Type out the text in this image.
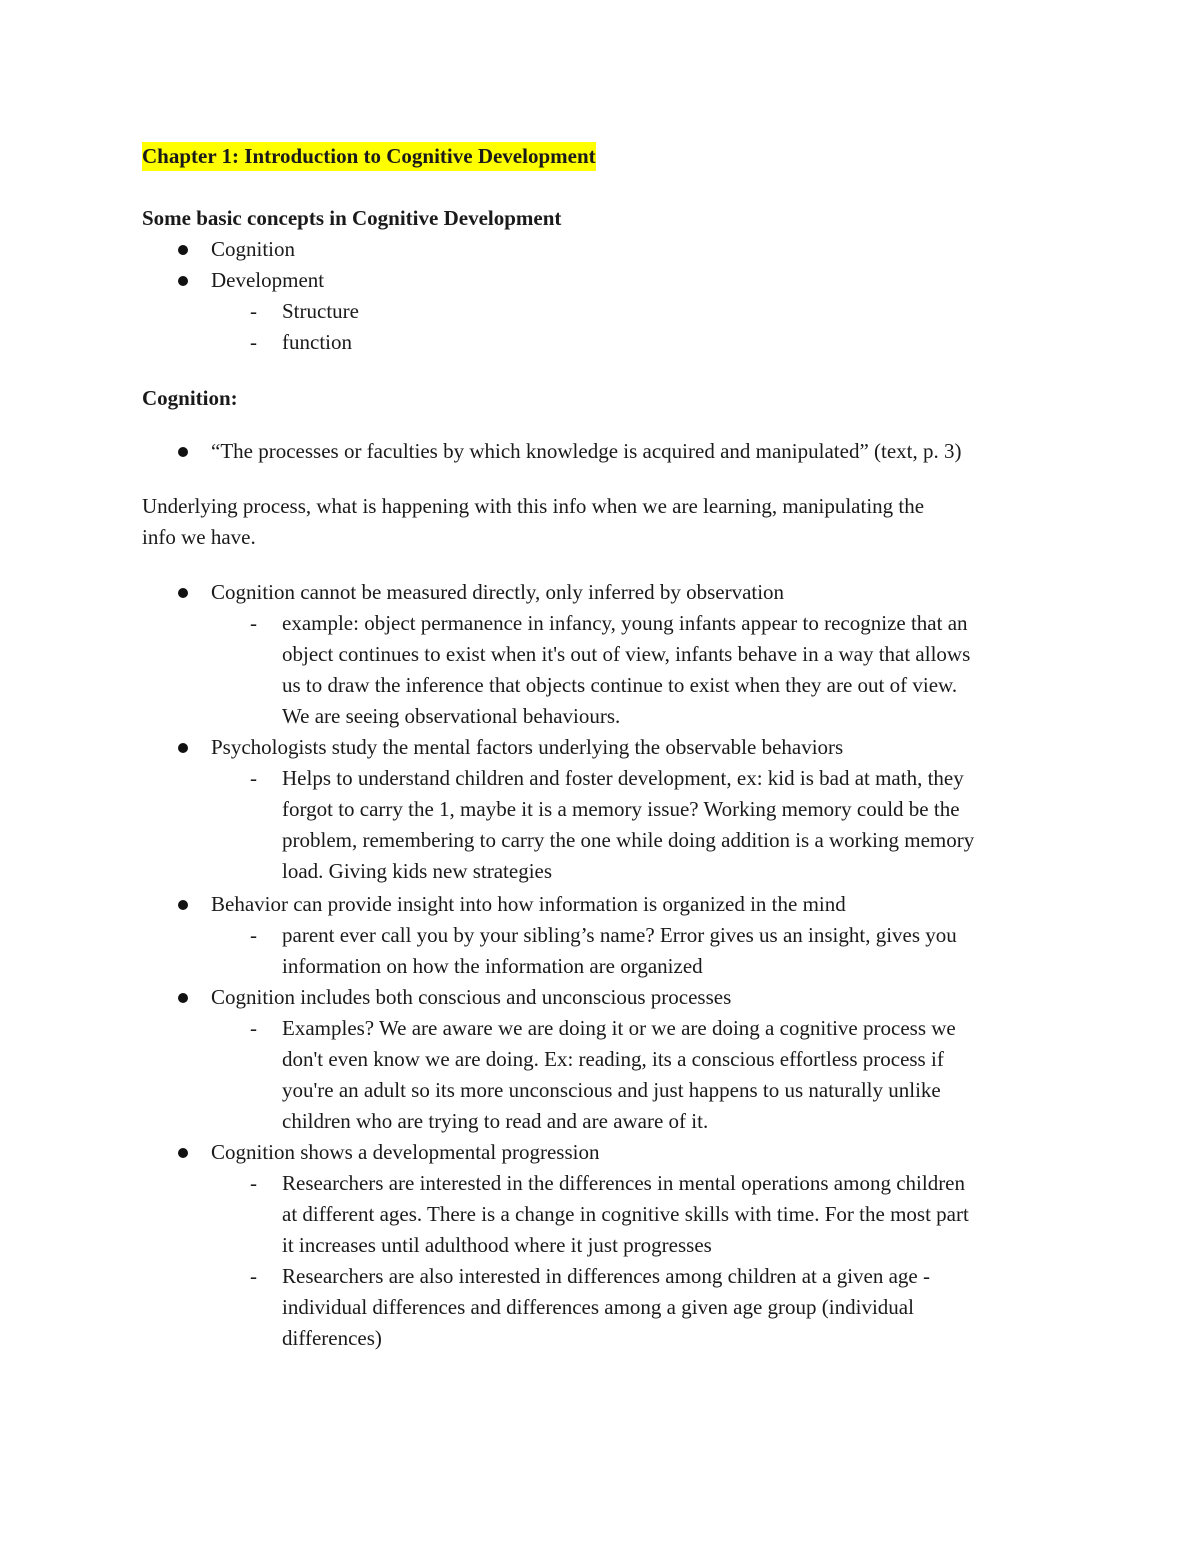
Chapter 1: Introduction to Cognitive Development
Some basic concepts in Cognitive Development
Cognition
Development
- Structure
- function
Cognition:
“The processes or faculties by which knowledge is acquired and manipulated” (text, p. 3)
Underlying process, what is happening with this info when we are learning, manipulating the
info we have.
Cognition cannot be measured directly, only inferred by observation
- example: object permanence in infancy, young infants appear to recognize that an
object continues to exist when it's out of view, infants behave in a way that allows
us to draw the inference that objects continue to exist when they are out of view.
We are seeing observational behaviours.
Psychologists study the mental factors underlying the observable behaviors
- Helps to understand children and foster development, ex: kid is bad at math, they
forgot to carry the 1, maybe it is a memory issue? Working memory could be the
problem, remembering to carry the one while doing addition is a working memory
load. Giving kids new strategies
Behavior can provide insight into how information is organized in the mind
- parent ever call you by your sibling’s name? Error gives us an insight, gives you
information on how the information are organized
Cognition includes both conscious and unconscious processes
- Examples? We are aware we are doing it or we are doing a cognitive process we
don't even know we are doing. Ex: reading, its a conscious effortless process if
you're an adult so its more unconscious and just happens to us naturally unlike
children who are trying to read and are aware of it.
Cognition shows a developmental progression
- Researchers are interested in the differences in mental operations among children
at different ages. There is a change in cognitive skills with time. For the most part
it increases until adulthood where it just progresses
- Researchers are also interested in differences among children at a given age -
individual differences and differences among a given age group (individual
differences)
